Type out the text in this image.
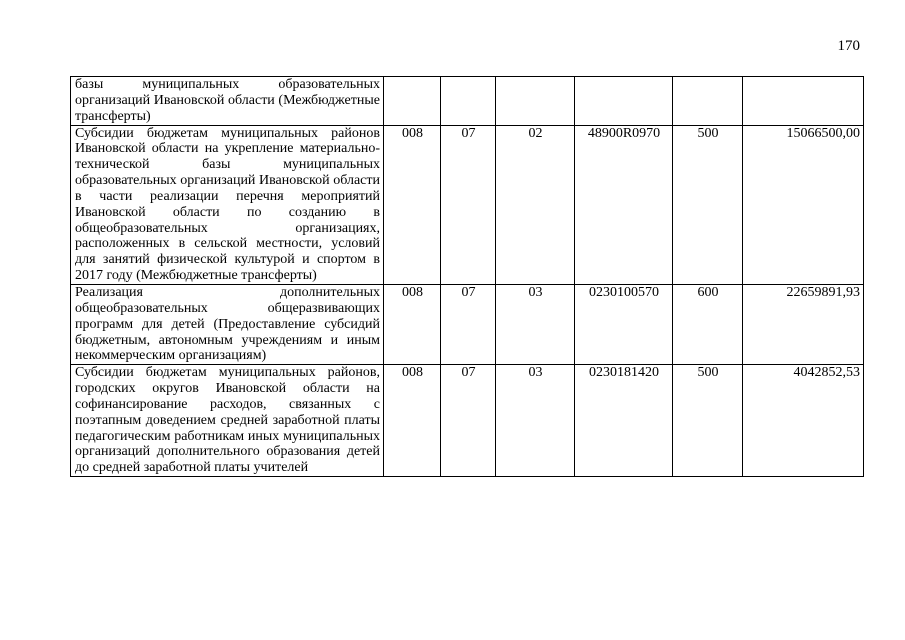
170
базы муниципальных образовательных организаций Ивановской области (Межбюджетные трансферты)						

Субсидии бюджетам муниципальных районов Ивановской области на укрепление материально-технической базы муниципальных образовательных организаций Ивановской области в части реализации перечня мероприятий Ивановской области по созданию в общеобразовательных организациях, расположенных в сельской местности, условий для занятий физической культурой и спортом в 2017 году (Межбюджетные трансферты)	008	07	02	48900R0970	500	15066500,00

Реализация дополнительных общеобразовательных общеразвивающих программ для детей (Предоставление субсидий бюджетным, автономным учреждениям и иным некоммерческим организациям)	008	07	03	0230100570	600	22659891,93

Субсидии бюджетам муниципальных районов, городских округов Ивановской области на софинансирование расходов, связанных с поэтапным доведением средней заработной платы педагогическим работникам иных муниципальных организаций дополнительного образования детей до средней заработной платы учителей	008	07	03	0230181420	500	4042852,53
